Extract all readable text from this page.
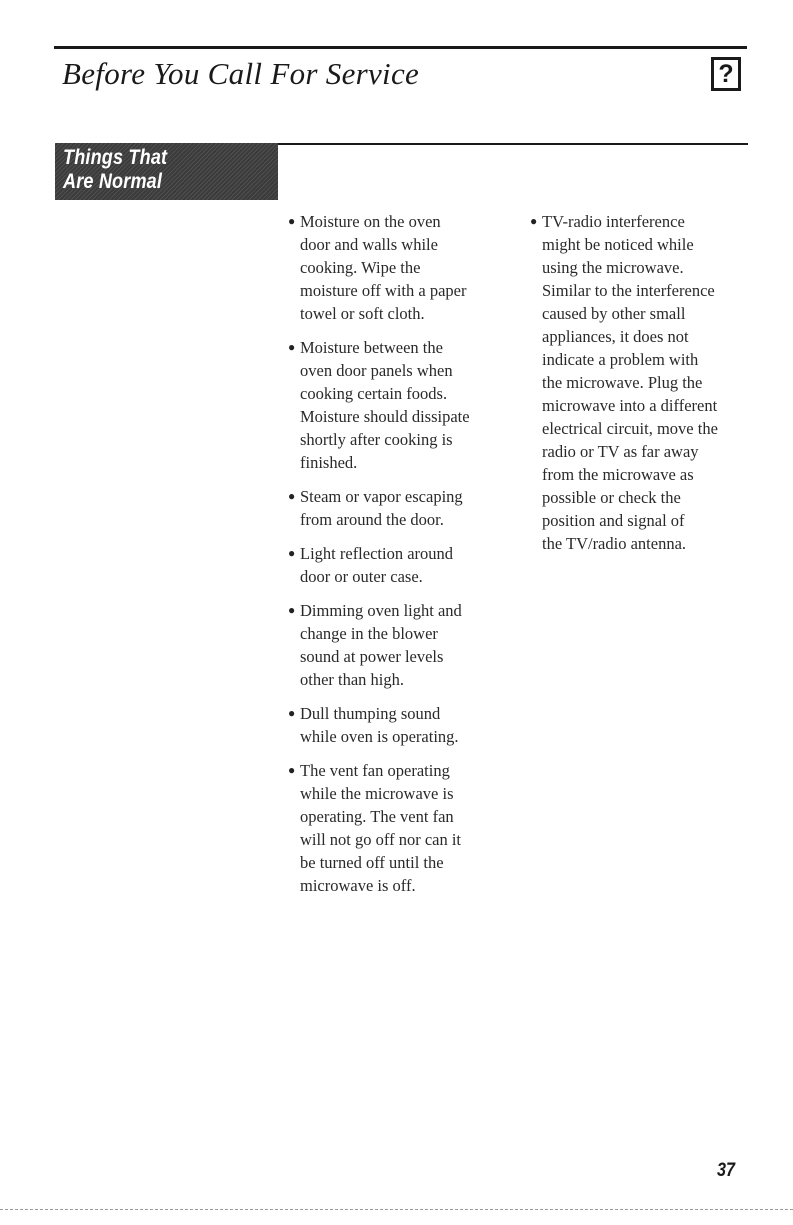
Before You Call For Service	?
Things That
Are Normal
● Moisture on the oven
door and walls while
cooking. Wipe the
moisture off with a paper
towel or soft cloth.
● Moisture between the
oven door panels when
cooking certain foods.
Moisture should dissipate
shortly after cooking is
finished.
● Steam or vapor escaping
from around the door.
● Light reflection around
door or outer case.
● Dimming oven light and
change in the blower
sound at power levels
other than high.
● Dull thumping sound
while oven is operating.
● The vent fan operating
while the microwave is
operating. The vent fan
will not go off nor can it
be turned off until the
microwave is off.
● TV-radio interference
might be noticed while
using the microwave.
Similar to the interference
caused by other small
appliances, it does not
indicate a problem with
the microwave. Plug the
microwave into a different
electrical circuit, move the
radio or TV as far away
from the microwave as
possible or check the
position and signal of
the TV/radio antenna.
37
